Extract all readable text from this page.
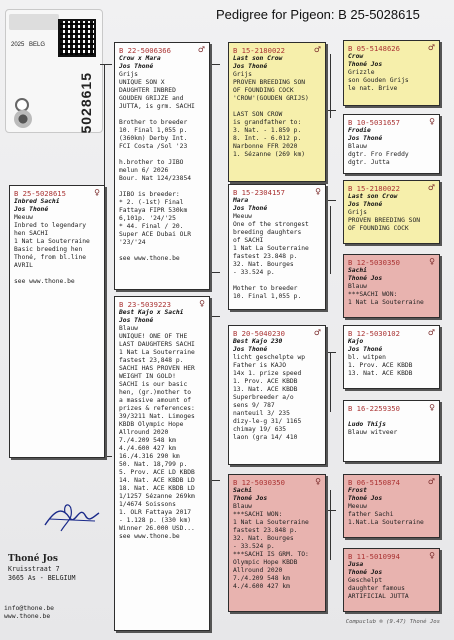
Pedigree for Pigeon: B 25-5028615
2025 BELG
5028615
B 25-5028615	♀

Inbred Sachi

Jos Thoné

Meeuw
Inbred to legendary
hen SACHI
1 Nat La Souterraine
Basic breeding hen
Thoné, from bl.line
AVRIL

see www.thone.be

B 22-5006366	♂

Crow x Mara

Jos Thoné

Grijs
UNIQUE SON X
DAUGHTER INBRED
GOUDEN GRIJZE and
JUTTA, is grm. SACHI

Brother to breeder
10. Final 1,055 p.
(360km) Derby Int.
FCI Costa /Sol '23

h.brother to JIBO
melun 6/ 2026
Bour. Nat 124/23854

JIBO is breeder:
* 2. (-1st) Final
Fattaya FIPR 530km
6,101p. '24/'25
* 44. Final / 20.
Super ACE Dubai OLR
'23/'24

see www.thone.be

B 23-5039223	♀

Best Kajo x Sachi

Jos Thoné

Blauw
UNIQUE! ONE OF THE
LAST DAUGHTERS SACHI
1 Nat La Souterraine
fastest 23,848 p.
SACHI HAS PROVEN HER
WEIGHT IN GOLD!
SACHI is our basic
hen, (gr.)mother to
a massive amount of
prizes & references:
39/3211 Nat. Limoges
KBDB Olympic Hope
Allround 2020
7./4.209 548 km
4./4.600 427 km
16./4.316 290 km
50. Nat. 18,799 p.
5. Prov. ACE LD KBDB
14. Nat. ACE KBDB LD
18. Nat. ACE KBDB LD
1/1257 Sézanne 269km
1/4674 Soissons
1. OLR Fattaya 2017
- 1.128 p. (330 km)
Winner 26.000 USD...
see www.thone.be

B 15-2180022	♂

Last son Crow

Jos Thoné

Grijs
PROVEN BREEDING SON
OF FOUNDING COCK
'CROW'(GOUDEN GRIJS)

LAST SON CROW
is grandfather to:
3. Nat. - 1.859 p.
8. Int. - 6.012 p.
Narbonne FFR 2020
1. Sézanne (269 km)

B 15-2304157	♀

Mara

Jos Thoné

Meeuw
One of the strongest
breeding daughters
of SACHI
1 Nat La Souterraine
fastest 23.848 p.
32. Nat. Bourges
- 33.524 p.

Mother to breeder
10. Final 1,055 p.

B 20-5040230	♂

Best Kajo 230

Jos Thoné

licht geschelpte wp
Father is KAJO
14x 1. prize speed
1. Prov. ACE KBDB
13. Nat. ACE KBDB
Superbreeder a/o
sens 9/ 787
nanteuil 3/ 235
dizy-le-g 31/ 1165
chimay 19/ 635
laon (gra 14/ 410

B 12-5030350	♀

Sachi

Thoné Jos

Blauw
***SACHI WON:
1 Nat La Souterraine
fastest 23.848 p.
32. Nat. Bourges
- 33.524 p.
***SACHI IS GRM. TO:
Olympic Hope KBDB
Allround 2020
7./4.209 548 km
4./4.600 427 km

B 05-5148626	♂

Crow

Thoné Jos

Grizzle
son Gouden Grijs
le nat. Brive

B 10-5031657	♀

Frodie

Jos Thoné

Blauw
dgtr. Fro Freddy
dgtr. Jutta

B 15-2180022	♂

Last son Crow

Jos Thoné

Grijs
PROVEN BREEDING SON
OF FOUNDING COCK

B 12-5030350	♀

Sachi

Thoné Jos

Blauw
***SACHI WON:
1 Nat La Souterraine

B 12-5030102	♂

Kajo

Jos Thoné

bl. witpen
1. Prov. ACE KBDB
13. Nat. ACE KBDB

B 16-2259350	♀

Ludo Thijs

Blauw witveer

B 06-5150874	♂

Frost

Thoné Jos

Meeuw
father Sachi
1.Nat.La Souterraine

B 11-5010994	♀

Jusa

Thoné Jos

Geschelpt
daughter famous
ARTIFICIAL JUTTA

Thoné Jos
Kruisstraat 7
3665 As - BELGIUM
info@thone.be
www.thone.be
Compuclub ® (9.47) Thoné Jos
